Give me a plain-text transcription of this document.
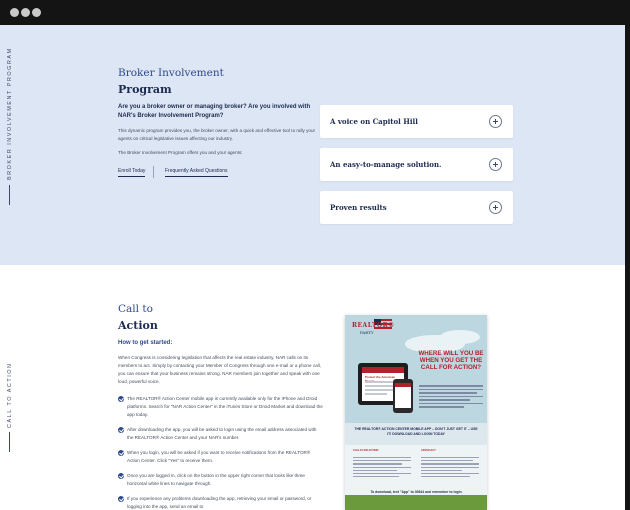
BROKER INVOLVEMENT PROGRAM	Broker Involvement
Program

Are you a broker owner or managing broker? Are you involved with NAR's Broker Involvement Program?

This dynamic program provides you, the broker owner, with a quick and effective tool to rally your agents on critical legislative issues affecting our industry.

The Broker Involvement Program offers you and your agents:

Enroll Today	Frequently Asked Questions
A voice on Capitol Hill
An easy-to-manage solution.
Proven results
CALL TO ACTION
Call to
Action
How to get started:

When Congress is considering legislation that affects the real estate industry, NAR calls on its members to act. Simply by contacting your Member of Congress through one e-mail or a phone call, you can ensure that your business remains strong. NAR members join together and speak with one loud, powerful voice.

The REALTOR® Action Center mobile app is currently available only for the iPhone and Droid platforms. Search for "NAR Action Center" in the iTunes Store or Droid Market and download the app today.
After downloading the app, you will be asked to login using the email address associated with the REALTOR® Action Center and your NAR's number.
When you login, you will be asked if you want to receive notifications from the REALTOR® Action Center. Click "Yes" to receive them.
Once you are logged in, click on the button in the upper right corner that looks like three horizontal white lines to navigate through.
If you experience any problems downloading the app, retrieving your email or password, or logging into the app, send an email to
REALTOR®
PARTY
WHERE WILL YOU BE WHEN YOU GET THE CALL FOR ACTION?
Protect the American
THE REALTOR® ACTION CENTER MOBILE APP – DON'T JUST GET IT – USE IT! DOWNLOAD AND LOGIN TODAY
CALLS FOR ACTION	ADVOCACY
To download, text "App" to 30644 and remember to login
